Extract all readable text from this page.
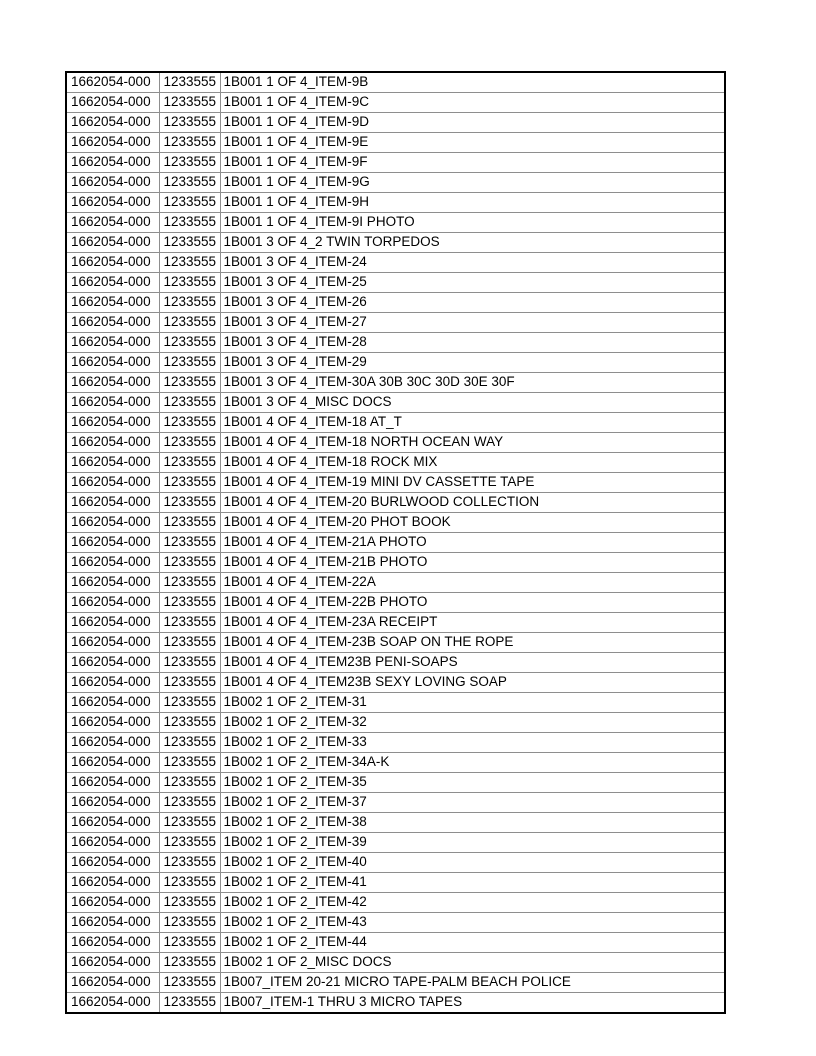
1662054-000	1233555	1B001 1 OF 4_ITEM-9B
1662054-000	1233555	1B001 1 OF 4_ITEM-9C
1662054-000	1233555	1B001 1 OF 4_ITEM-9D
1662054-000	1233555	1B001 1 OF 4_ITEM-9E
1662054-000	1233555	1B001 1 OF 4_ITEM-9F
1662054-000	1233555	1B001 1 OF 4_ITEM-9G
1662054-000	1233555	1B001 1 OF 4_ITEM-9H
1662054-000	1233555	1B001 1 OF 4_ITEM-9I PHOTO
1662054-000	1233555	1B001 3 OF 4_2 TWIN TORPEDOS
1662054-000	1233555	1B001 3 OF 4_ITEM-24
1662054-000	1233555	1B001 3 OF 4_ITEM-25
1662054-000	1233555	1B001 3 OF 4_ITEM-26
1662054-000	1233555	1B001 3 OF 4_ITEM-27
1662054-000	1233555	1B001 3 OF 4_ITEM-28
1662054-000	1233555	1B001 3 OF 4_ITEM-29
1662054-000	1233555	1B001 3 OF 4_ITEM-30A 30B 30C 30D 30E 30F
1662054-000	1233555	1B001 3 OF 4_MISC DOCS
1662054-000	1233555	1B001 4 OF 4_ITEM-18 AT_T
1662054-000	1233555	1B001 4 OF 4_ITEM-18 NORTH OCEAN WAY
1662054-000	1233555	1B001 4 OF 4_ITEM-18 ROCK MIX
1662054-000	1233555	1B001 4 OF 4_ITEM-19 MINI DV CASSETTE TAPE
1662054-000	1233555	1B001 4 OF 4_ITEM-20 BURLWOOD COLLECTION
1662054-000	1233555	1B001 4 OF 4_ITEM-20 PHOT BOOK
1662054-000	1233555	1B001 4 OF 4_ITEM-21A PHOTO
1662054-000	1233555	1B001 4 OF 4_ITEM-21B PHOTO
1662054-000	1233555	1B001 4 OF 4_ITEM-22A
1662054-000	1233555	1B001 4 OF 4_ITEM-22B PHOTO
1662054-000	1233555	1B001 4 OF 4_ITEM-23A RECEIPT
1662054-000	1233555	1B001 4 OF 4_ITEM-23B SOAP ON THE ROPE
1662054-000	1233555	1B001 4 OF 4_ITEM23B PENI-SOAPS
1662054-000	1233555	1B001 4 OF 4_ITEM23B SEXY LOVING SOAP
1662054-000	1233555	1B002 1 OF 2_ITEM-31
1662054-000	1233555	1B002 1 OF 2_ITEM-32
1662054-000	1233555	1B002 1 OF 2_ITEM-33
1662054-000	1233555	1B002 1 OF 2_ITEM-34A-K
1662054-000	1233555	1B002 1 OF 2_ITEM-35
1662054-000	1233555	1B002 1 OF 2_ITEM-37
1662054-000	1233555	1B002 1 OF 2_ITEM-38
1662054-000	1233555	1B002 1 OF 2_ITEM-39
1662054-000	1233555	1B002 1 OF 2_ITEM-40
1662054-000	1233555	1B002 1 OF 2_ITEM-41
1662054-000	1233555	1B002 1 OF 2_ITEM-42
1662054-000	1233555	1B002 1 OF 2_ITEM-43
1662054-000	1233555	1B002 1 OF 2_ITEM-44
1662054-000	1233555	1B002 1 OF 2_MISC DOCS
1662054-000	1233555	1B007_ITEM 20-21 MICRO TAPE-PALM BEACH POLICE
1662054-000	1233555	1B007_ITEM-1 THRU 3 MICRO TAPES
